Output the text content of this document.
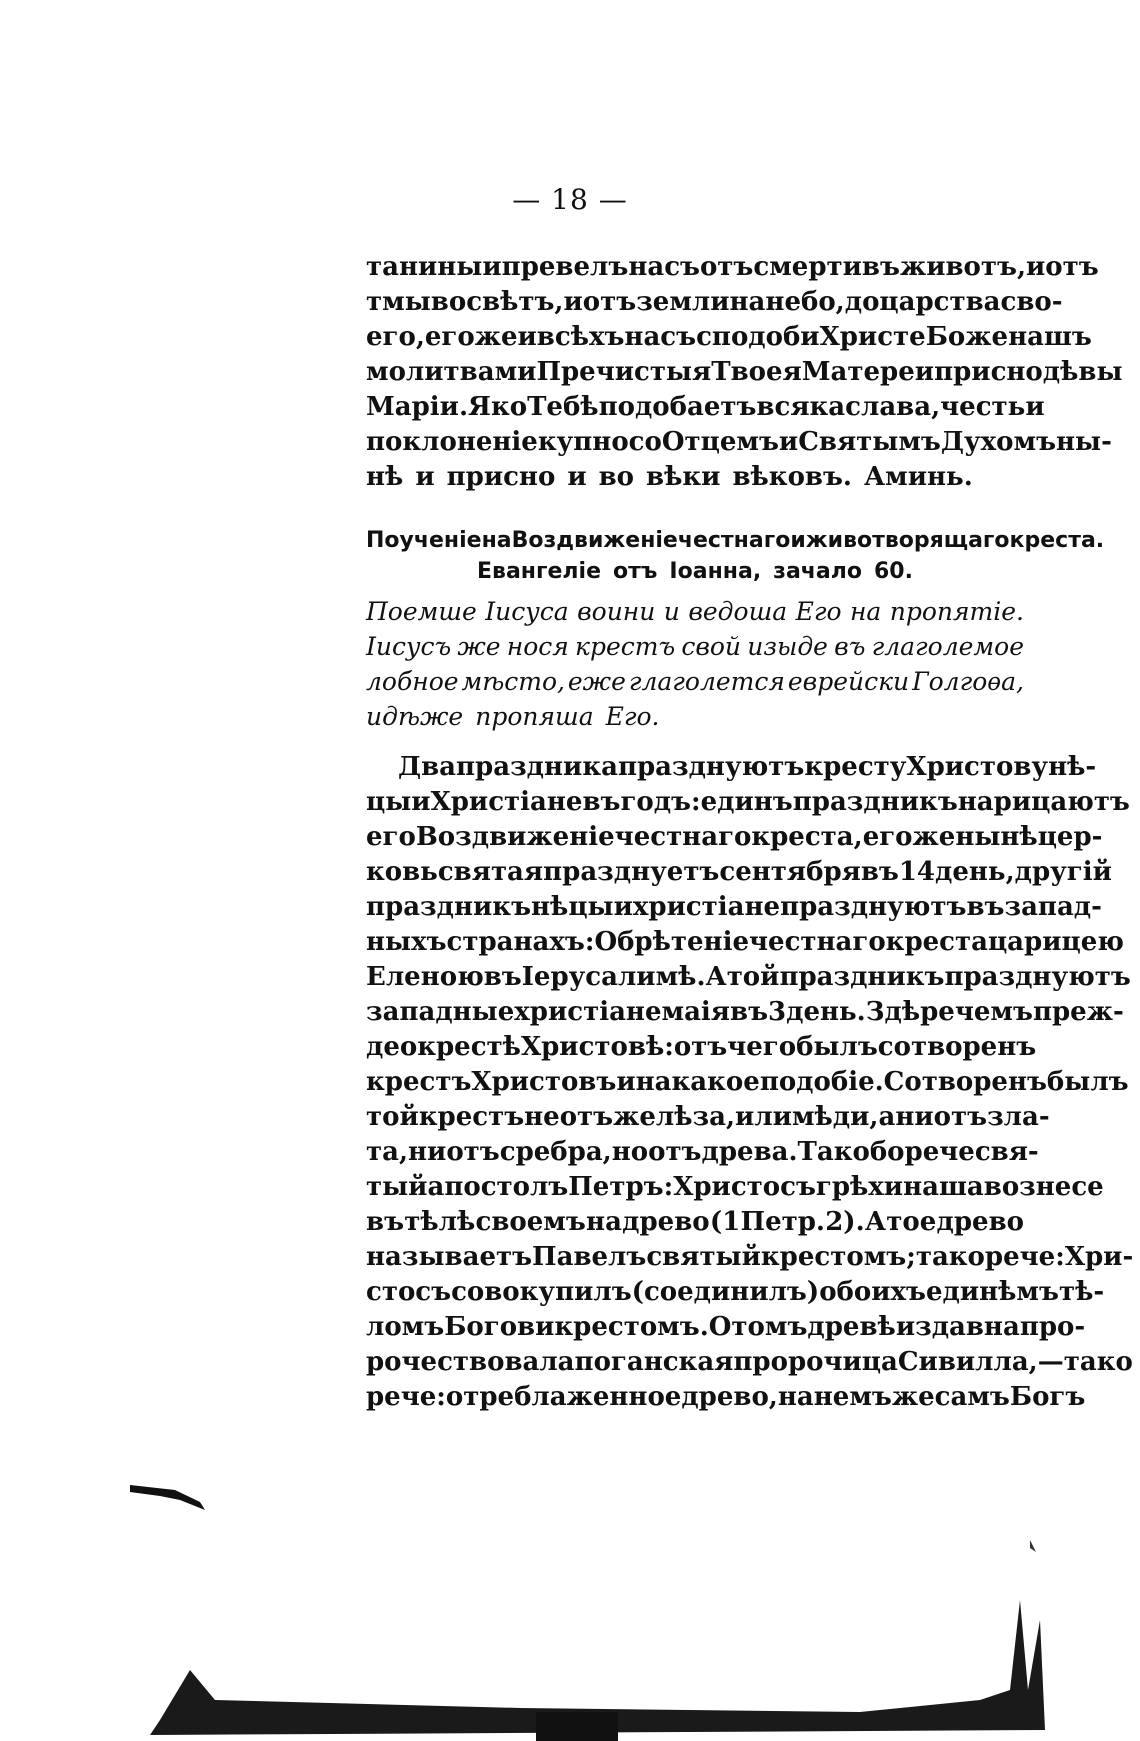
— 18 —
танины и превелъ насъ отъ смерти въ животъ, и отъ
тмы во свѣтъ, и отъ земли на небо, до царства сво-
его, егоже и всѣхъ насъ сподоби Христе Боже нашъ
молитвами Пречистыя Твоея Матере и приснодѣвы
Маріи. Яко Тебѣ подобаетъ всяка слава, честь и
поклоненіе купно со Отцемъ и Святымъ Духомъ ны-
нѣ и присно и во вѣки вѣковъ. Аминь.
Поученіе на Воздвиженіе честнаго и животворящаго креста.
Евангеліе отъ Іоанна, зачало 60.
Поемше Іисуса воини и ведоша Его на пропятіе.
Іисусъ же нося крестъ свой изыде въ глаголемое
лобное мѣсто, еже глаголется еврейски Голгоѳа,
идѣже пропяша Его.
Два праздника празднуютъ кресту Христову нѣ-
цыи Христіане въ годъ: единъ праздникъ нарицаютъ
его Воздвиженіе честнаго креста, егоже нынѣ цер-
ковь святая празднуетъ сентября въ 14 день, другій
праздникъ нѣцыи христіане празднуютъ въ запад-
ныхъ странахъ: Обрѣтеніе честнаго креста царицею
Еленою въ Іерусалимѣ. А той праздникъ празднуютъ
западные христіане маія въ 3 день. Здѣ речемъ преж-
де о крестѣ Христовѣ: отъ чего былъ сотворенъ
крестъ Христовъ и на какое подобіе. Сотворенъ былъ
той крестъ не отъ желѣза, или мѣди, а ни отъ зла-
та, ни отъ сребра, но отъ древа. Тако бо рече свя-
тый апостолъ Петръ: Христосъ грѣхи наша вознесе
въ тѣлѣ своемъ на древо (1 Петр. 2). А тое древо
называетъ Павелъ святый крестомъ; тако рече: Хри-
стосъ совокупилъ (соединилъ) обоихъ единѣмъ тѣ-
ломъ Богови крестомъ. О томъ древѣ издавна про-
рочествовала поганская пророчица Сивилла, — тако
рече: о треблаженное древо, на немъ же самъ Богъ
